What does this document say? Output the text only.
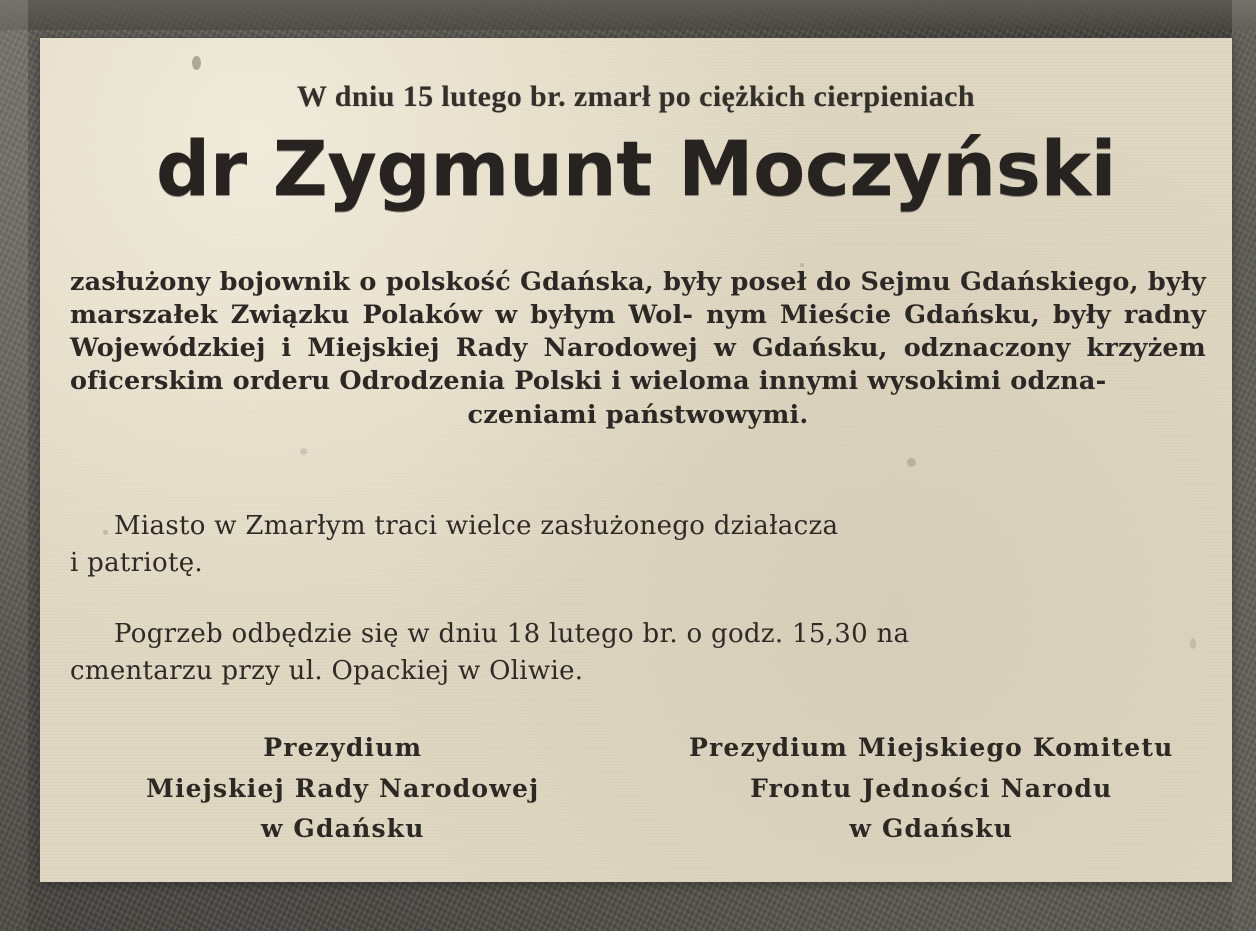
W dniu 15 lutego br. zmarł po ciężkich cierpieniach
dr Zygmunt Moczyński
zasłużony bojownik o polskość Gdańska, były poseł do Sejmu Gdańskiego, były marszałek Związku Polaków w byłym Wol- nym Mieście Gdańsku, były radny Wojewódzkiej i Miejskiej Rady Narodowej w Gdańsku, odznaczony krzyżem oficerskim orderu Odrodzenia Polski i wieloma innymi wysokimi odzna-
czeniami państwowymi.
Miasto w Zmarłym traci wielce zasłużonego działacza
i patriotę.
Pogrzeb odbędzie się w dniu 18 lutego br. o godz. 15,30 na
cmentarzu przy ul. Opackiej w Oliwie.
Prezydium
Miejskiej Rady Narodowej
w Gdańsku
Prezydium Miejskiego Komitetu
Frontu Jedności Narodu
w Gdańsku
